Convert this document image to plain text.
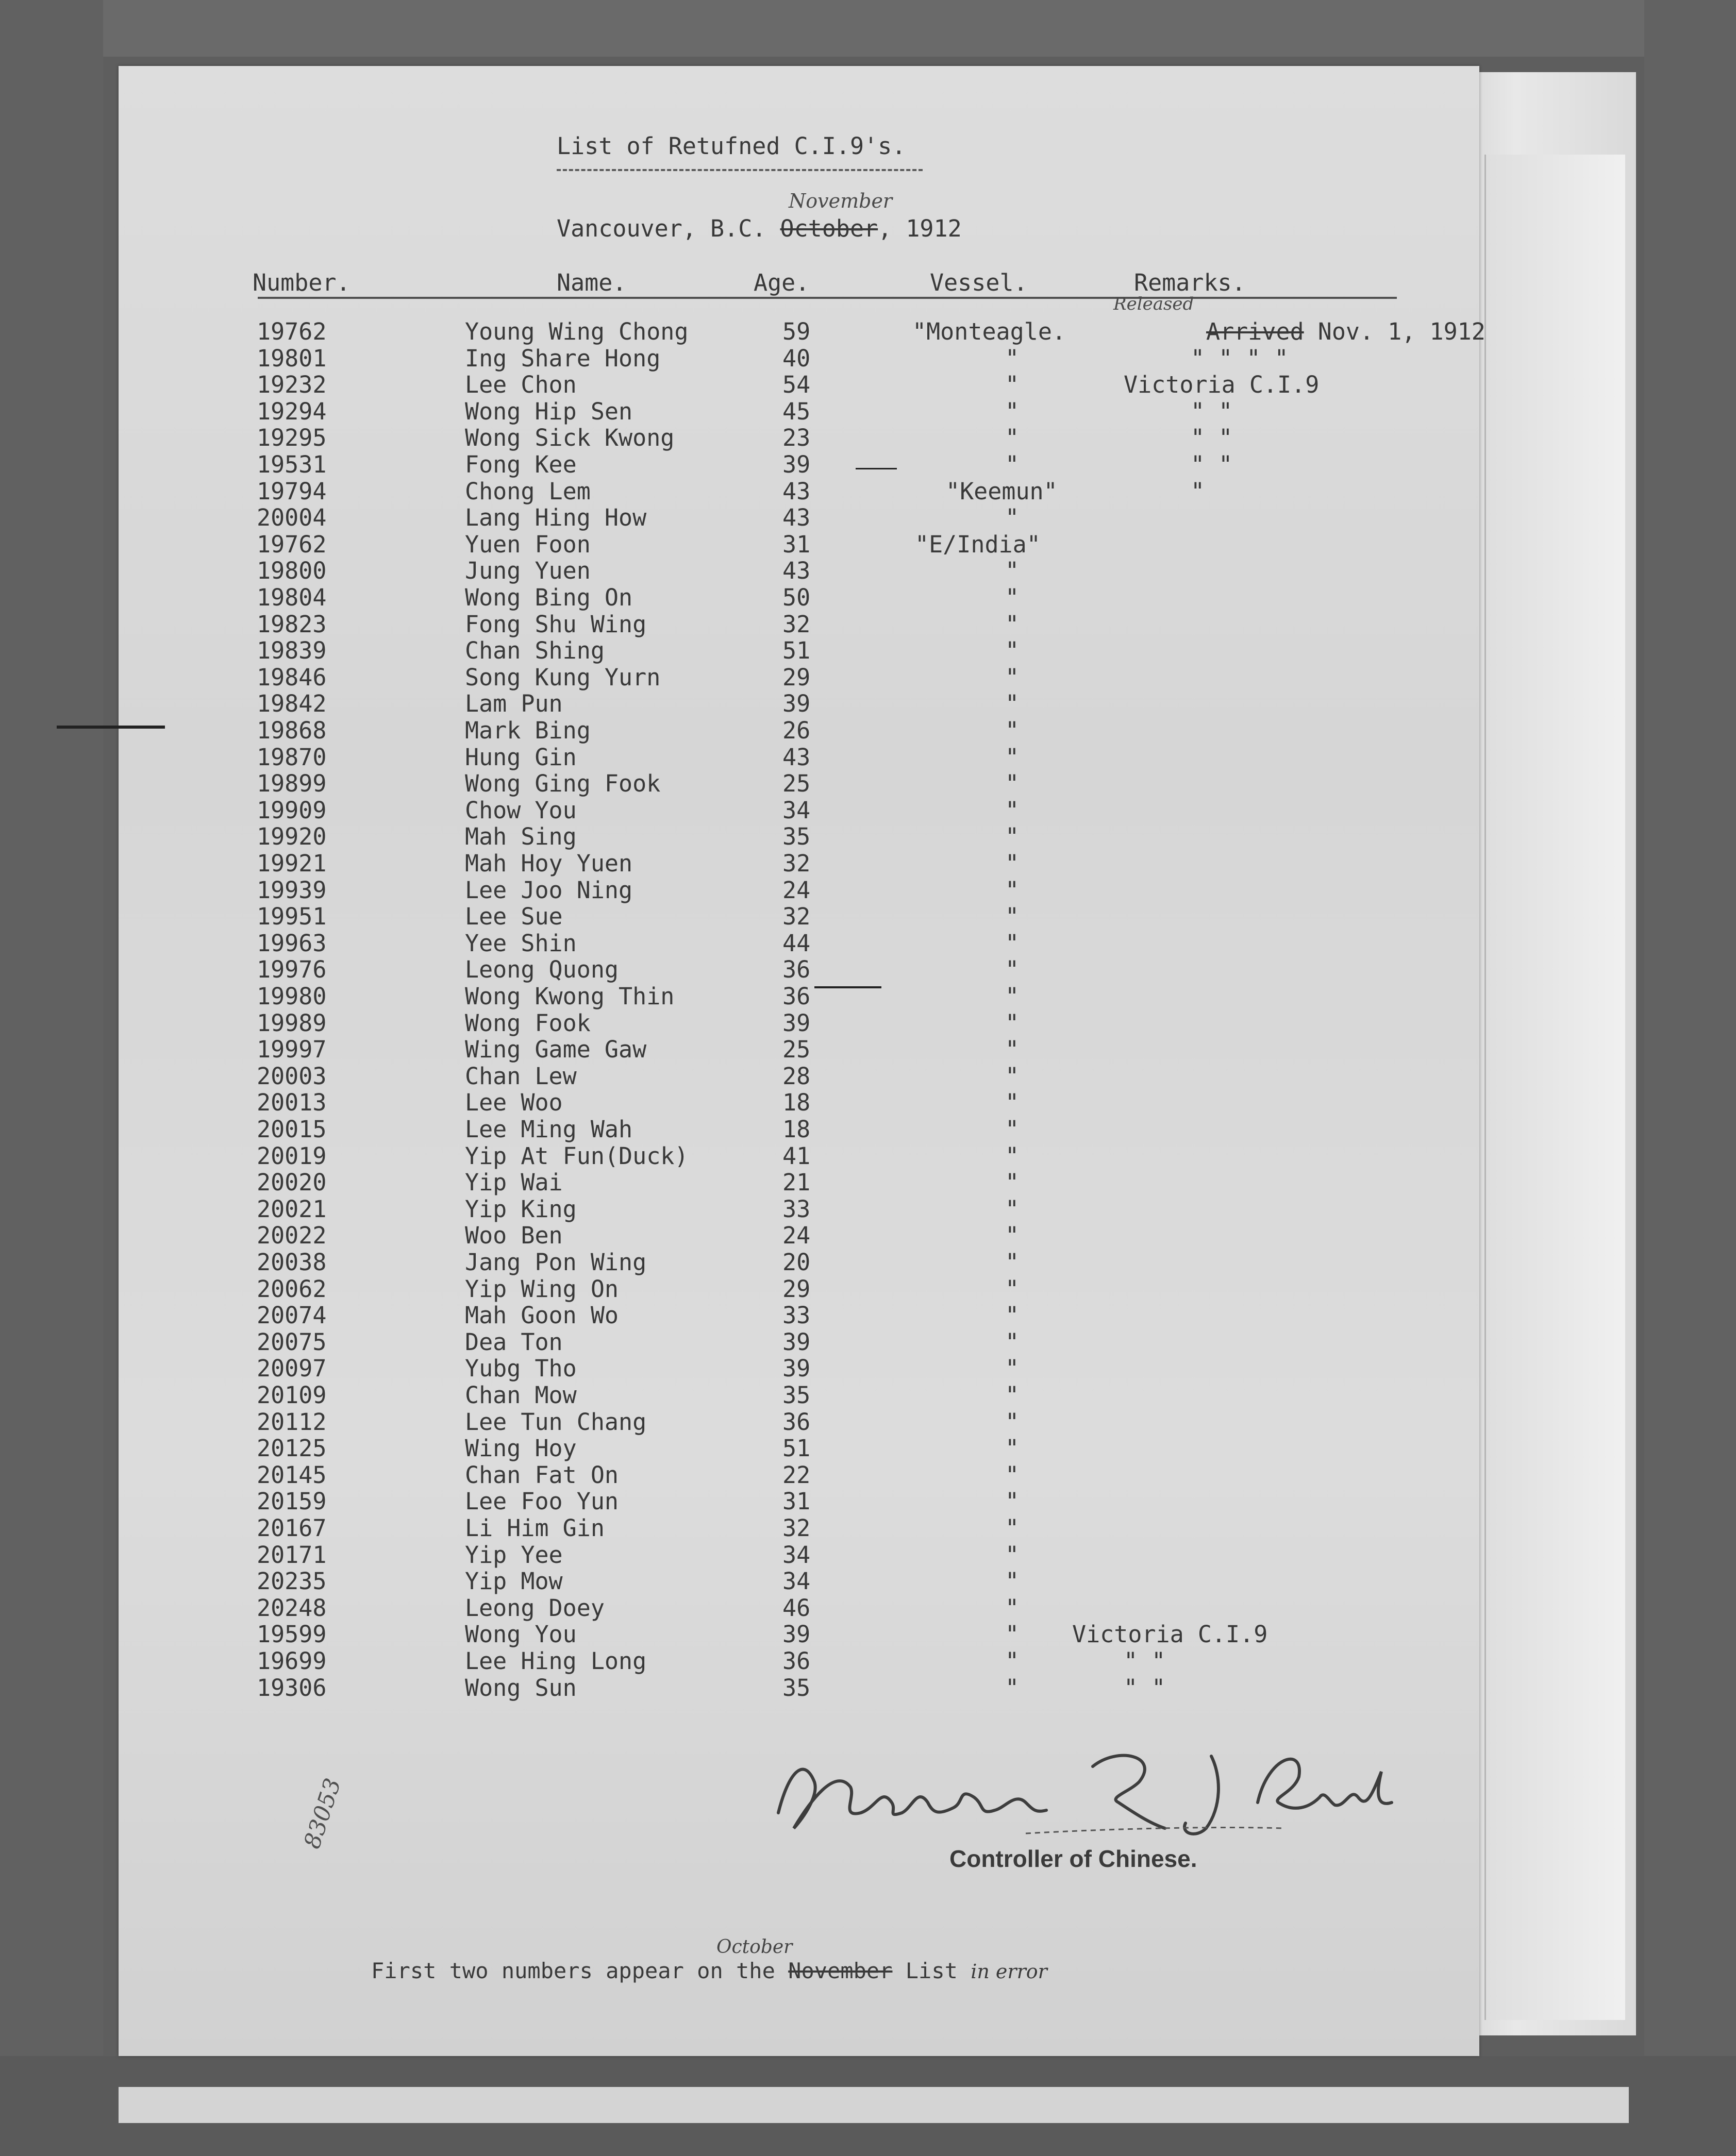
List of Retufned C.I.9's.
November
Vancouver, B.C. October, 1912
Number.	Name.	Age.	Vessel.	Remarks.
Released
19762	Young Wing Chong	59	"Monteagle.	Arrived Nov. 1, 1912
19801	Ing Share Hong	40	"	" " " "
19232	Lee Chon	54	"	Victoria C.I.9
19294	Wong Hip Sen	45	"	" "
19295	Wong Sick Kwong	23	"	" "
19531	Fong Kee	39	"	" "
19794	Chong Lem	43	"Keemun"	"
20004	Lang Hing How	43	"
19762	Yuen Foon	31	"E/India"
19800	Jung Yuen	43	"
19804	Wong Bing On	50	"
19823	Fong Shu Wing	32	"
19839	Chan Shing	51	"
19846	Song Kung Yurn	29	"
19842	Lam Pun	39	"
19868	Mark Bing	26	"
19870	Hung Gin	43	"
19899	Wong Ging Fook	25	"
19909	Chow You	34	"
19920	Mah Sing	35	"
19921	Mah Hoy Yuen	32	"
19939	Lee Joo Ning	24	"
19951	Lee Sue	32	"
19963	Yee Shin	44	"
19976	Leong Quong	36	"
19980	Wong Kwong Thin	36	"
19989	Wong Fook	39	"
19997	Wing Game Gaw	25	"
20003	Chan Lew	28	"
20013	Lee Woo	18	"
20015	Lee Ming Wah	18	"
20019	Yip At Fun(Duck)	41	"
20020	Yip Wai	21	"
20021	Yip King	33	"
20022	Woo Ben	24	"
20038	Jang Pon Wing	20	"
20062	Yip Wing On	29	"
20074	Mah Goon Wo	33	"
20075	Dea Ton	39	"
20097	Yubg Tho	39	"
20109	Chan Mow	35	"
20112	Lee Tun Chang	36	"
20125	Wing Hoy	51	"
20145	Chan Fat On	22	"
20159	Lee Foo Yun	31	"
20167	Li Him Gin	32	"
20171	Yip Yee	34	"
20235	Yip Mow	34	"
20248	Leong Doey	46	"
19599	Wong You	39	" Victoria C.I.9
19699	Lee Hing Long	36	"	" "
19306	Wong Sun	35	"	" "
Controller of Chinese.
83053
October
First two numbers appear on the November List in error
